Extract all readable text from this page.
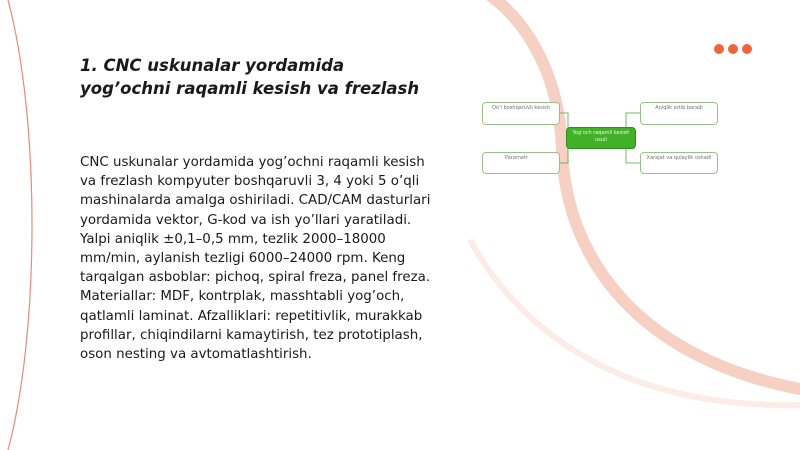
1. CNC uskunalar yordamida
yog’ochni raqamli kesish va frezlash
CNC uskunalar yordamida yog’ochni raqamli kesish va frezlash kompyuter boshqaruvli 3, 4 yoki 5 o’qli mashinalarda amalga oshiriladi. CAD/CAM dasturlari yordamida vektor, G-kod va ish yo’llari yaratiladi. Yalpi aniqlik ±0,1–0,5 mm, tezlik 2000–18000 mm/min, aylanish tezligi 6000–24000 rpm. Keng tarqalgan asboblar: pichoq, spiral freza, panel freza. Materiallar: MDF, kontrplak, masshtabli yog’och, qatlamli laminat. Afzalliklari: repetitivlik, murakkab profillar, chiqindilarni kamaytirish, tez prototiplash, oson nesting va avtomatlashtirish.
Qo’l boshqaruvli kesish
Parametr
Yog’och raqamli kesish usuli
Aniqlik ortib boradi
Xarajat va qulaylik oshadi
